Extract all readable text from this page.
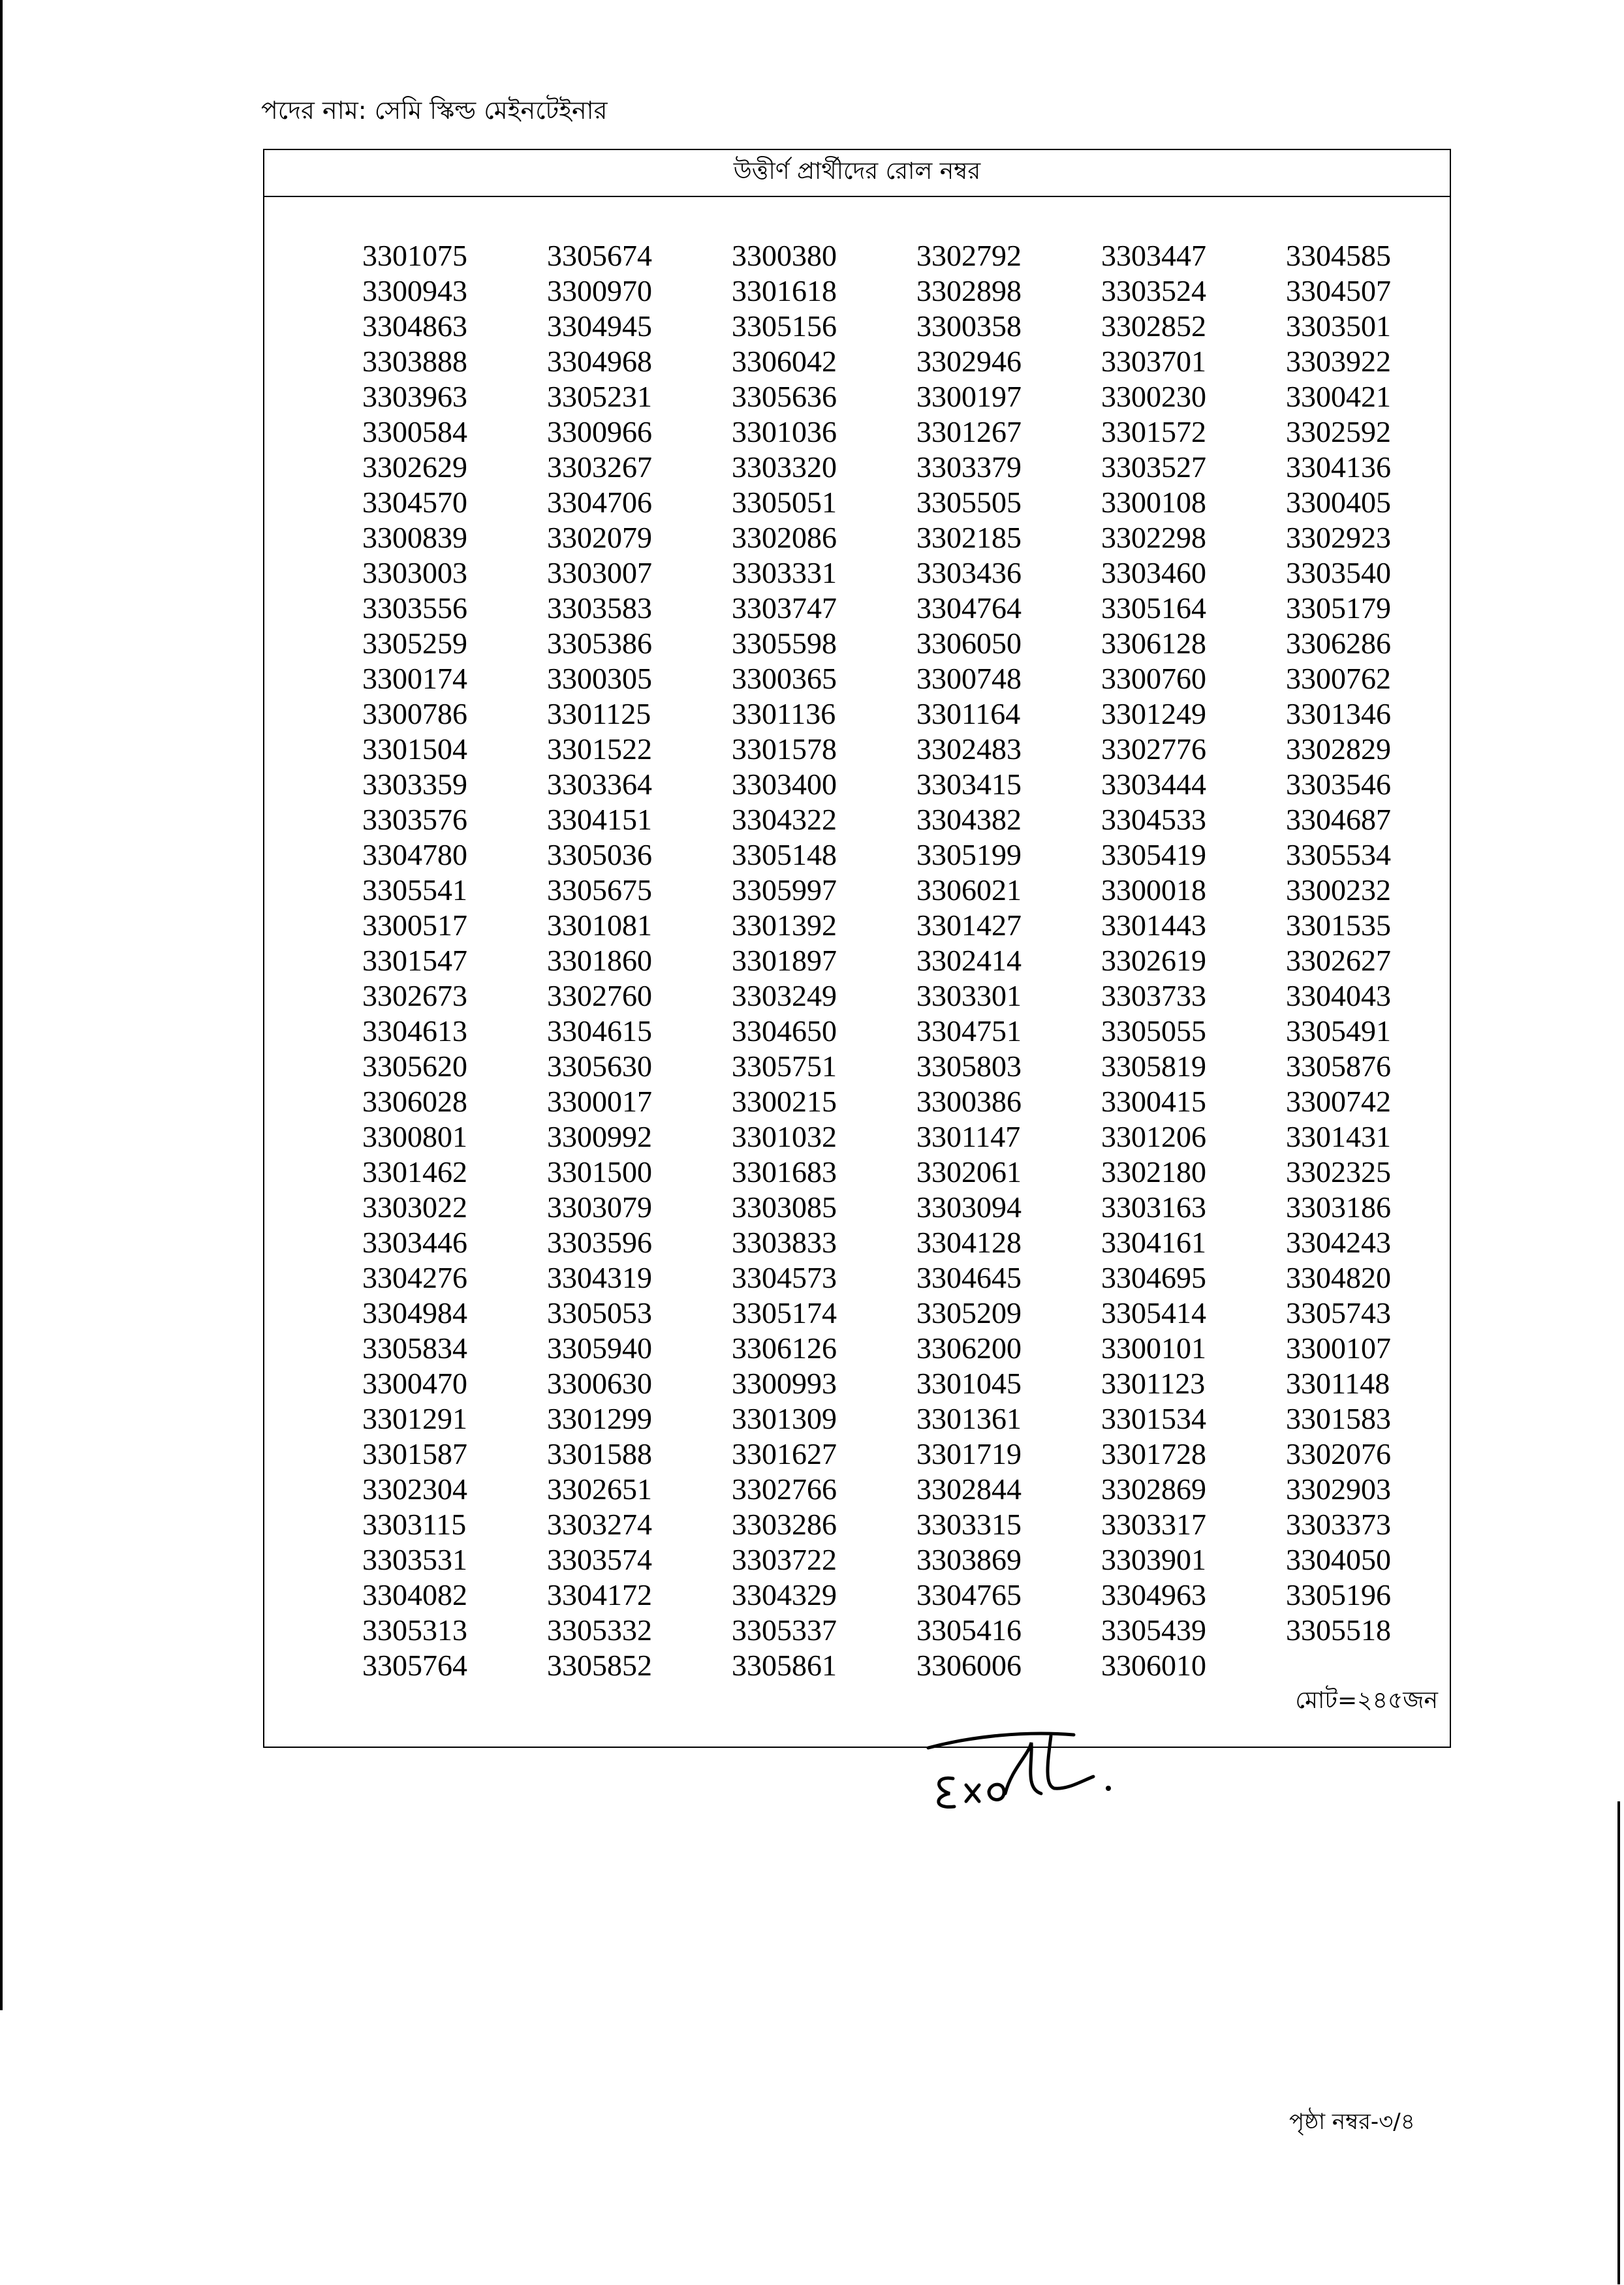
পদের নাম: সেমি স্কিল্ড মেইনটেইনার
উত্তীর্ণ প্রার্থীদের রোল নম্বর
3301075	3305674	3300380	3302792	3303447	3304585
3300943	3300970	3301618	3302898	3303524	3304507
3304863	3304945	3305156	3300358	3302852	3303501
3303888	3304968	3306042	3302946	3303701	3303922
3303963	3305231	3305636	3300197	3300230	3300421
3300584	3300966	3301036	3301267	3301572	3302592
3302629	3303267	3303320	3303379	3303527	3304136
3304570	3304706	3305051	3305505	3300108	3300405
3300839	3302079	3302086	3302185	3302298	3302923
3303003	3303007	3303331	3303436	3303460	3303540
3303556	3303583	3303747	3304764	3305164	3305179
3305259	3305386	3305598	3306050	3306128	3306286
3300174	3300305	3300365	3300748	3300760	3300762
3300786	3301125	3301136	3301164	3301249	3301346
3301504	3301522	3301578	3302483	3302776	3302829
3303359	3303364	3303400	3303415	3303444	3303546
3303576	3304151	3304322	3304382	3304533	3304687
3304780	3305036	3305148	3305199	3305419	3305534
3305541	3305675	3305997	3306021	3300018	3300232
3300517	3301081	3301392	3301427	3301443	3301535
3301547	3301860	3301897	3302414	3302619	3302627
3302673	3302760	3303249	3303301	3303733	3304043
3304613	3304615	3304650	3304751	3305055	3305491
3305620	3305630	3305751	3305803	3305819	3305876
3306028	3300017	3300215	3300386	3300415	3300742
3300801	3300992	3301032	3301147	3301206	3301431
3301462	3301500	3301683	3302061	3302180	3302325
3303022	3303079	3303085	3303094	3303163	3303186
3303446	3303596	3303833	3304128	3304161	3304243
3304276	3304319	3304573	3304645	3304695	3304820
3304984	3305053	3305174	3305209	3305414	3305743
3305834	3305940	3306126	3306200	3300101	3300107
3300470	3300630	3300993	3301045	3301123	3301148
3301291	3301299	3301309	3301361	3301534	3301583
3301587	3301588	3301627	3301719	3301728	3302076
3302304	3302651	3302766	3302844	3302869	3302903
3303115	3303274	3303286	3303315	3303317	3303373
3303531	3303574	3303722	3303869	3303901	3304050
3304082	3304172	3304329	3304765	3304963	3305196
3305313	3305332	3305337	3305416	3305439	3305518
3305764	3305852	3305861	3306006	3306010
মোট=২৪৫জন
পৃষ্ঠা নম্বর-৩/৪
